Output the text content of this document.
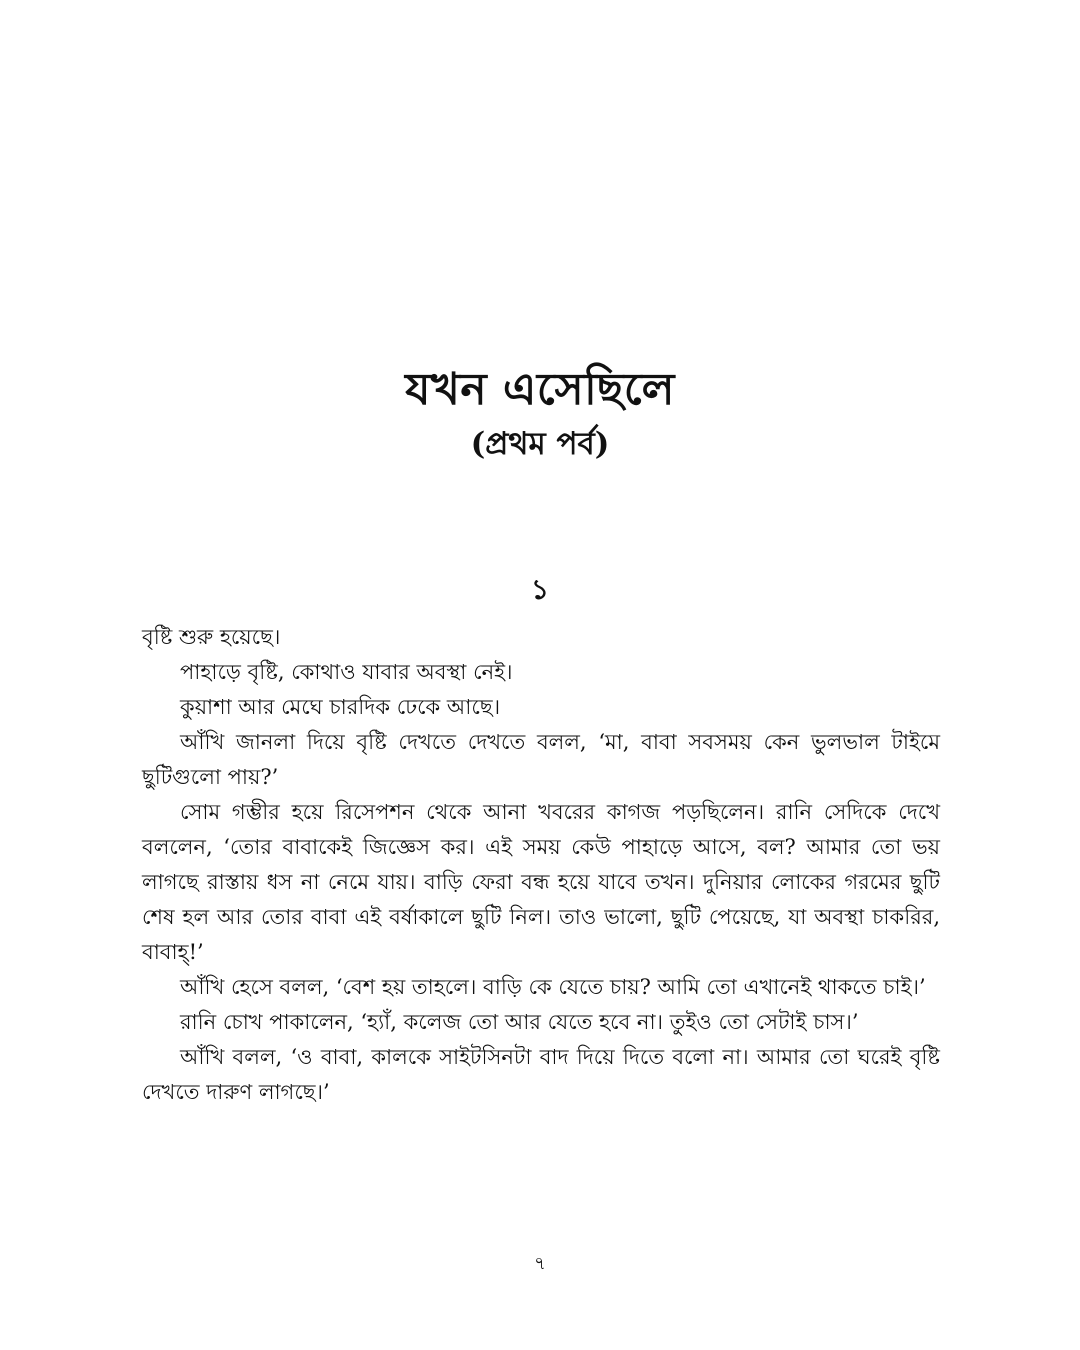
যখন এসেছিলে
(প্রথম পর্ব)
১

বৃষ্টি শুরু হয়েছে।

পাহাড়ে বৃষ্টি, কোথাও যাবার অবস্থা নেই।

কুয়াশা আর মেঘে চারদিক ঢেকে আছে।

আঁখি জানলা দিয়ে বৃষ্টি দেখতে দেখতে বলল, ‘মা, বাবা সবসময় কেন ভুলভাল টাইমে ছুটিগুলো পায়?’

সোম গম্ভীর হয়ে রিসেপশন থেকে আনা খবরের কাগজ পড়ছিলেন। রানি সেদিকে দেখে বললেন, ‘তোর বাবাকেই জিজ্ঞেস কর। এই সময় কেউ পাহাড়ে আসে, বল? আমার তো ভয় লাগছে রাস্তায় ধস না নেমে যায়। বাড়ি ফেরা বন্ধ হয়ে যাবে তখন। দুনিয়ার লোকের গরমের ছুটি শেষ হল আর তোর বাবা এই বর্ষাকালে ছুটি নিল। তাও ভালো, ছুটি পেয়েছে, যা অবস্থা চাকরির, বাবাহ্!’

আঁখি হেসে বলল, ‘বেশ হয় তাহলে। বাড়ি কে যেতে চায়? আমি তো এখানেই থাকতে চাই।’

রানি চোখ পাকালেন, ‘হ্যাঁ, কলেজ তো আর যেতে হবে না। তুইও তো সেটাই চাস।’

আঁখি বলল, ‘ও বাবা, কালকে সাইটসিনটা বাদ দিয়ে দিতে বলো না। আমার তো ঘরেই বৃষ্টি দেখতে দারুণ লাগছে।’

৭
